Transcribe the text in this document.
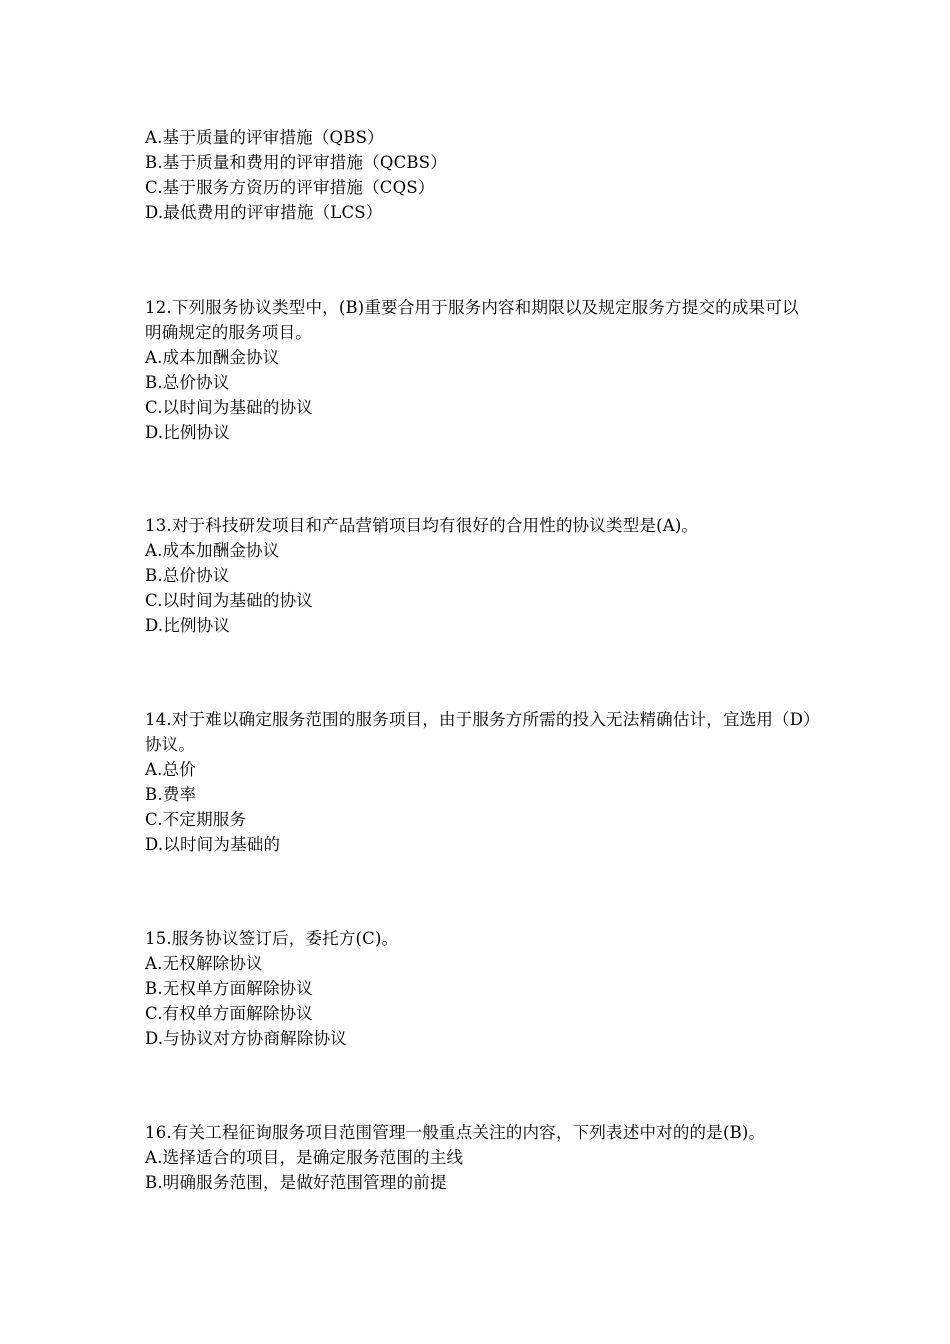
A.基于质量的评审措施（QBS）
B.基于质量和费用的评审措施（QCBS）
C.基于服务方资历的评审措施（CQS）
D.最低费用的评审措施（LCS）
12.下列服务协议类型中，(B)重要合用于服务内容和期限以及规定服务方提交的成果可以明确规定的服务项目。
A.成本加酬金协议
B.总价协议
C.以时间为基础的协议
D.比例协议
13.对于科技研发项目和产品营销项目均有很好的合用性的协议类型是(A)。
A.成本加酬金协议
B.总价协议
C.以时间为基础的协议
D.比例协议
14.对于难以确定服务范围的服务项目，由于服务方所需的投入无法精确估计，宜选用（D）协议。
A.总价
B.费率
C.不定期服务
D.以时间为基础的
15.服务协议签订后，委托方(C)。
A.无权解除协议
B.无权单方面解除协议
C.有权单方面解除协议
D.与协议对方协商解除协议
16.有关工程征询服务项目范围管理一般重点关注的内容，下列表述中对的的是(B)。
A.选择适合的项目，是确定服务范围的主线
B.明确服务范围，是做好范围管理的前提
